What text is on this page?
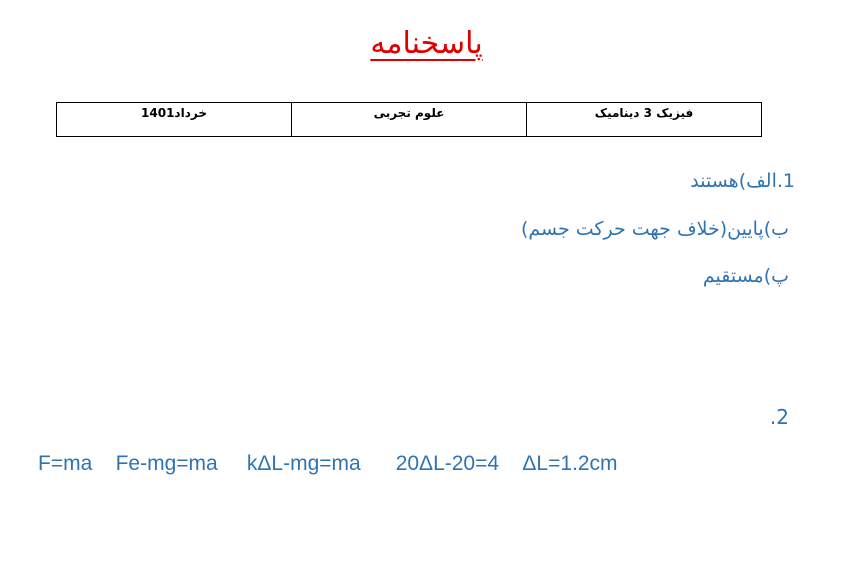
پاسخنامه
فیزیک 3 دینامیک	علوم تجربی	خرداد1401
1.الف)هستند
ب)پایین(خلاف جهت حرکت جسم)
پ)مستقیم
2.
F=ma    Fe-mg=ma     kΔL-mg=ma      20ΔL-20=4    ΔL=1.2cm
